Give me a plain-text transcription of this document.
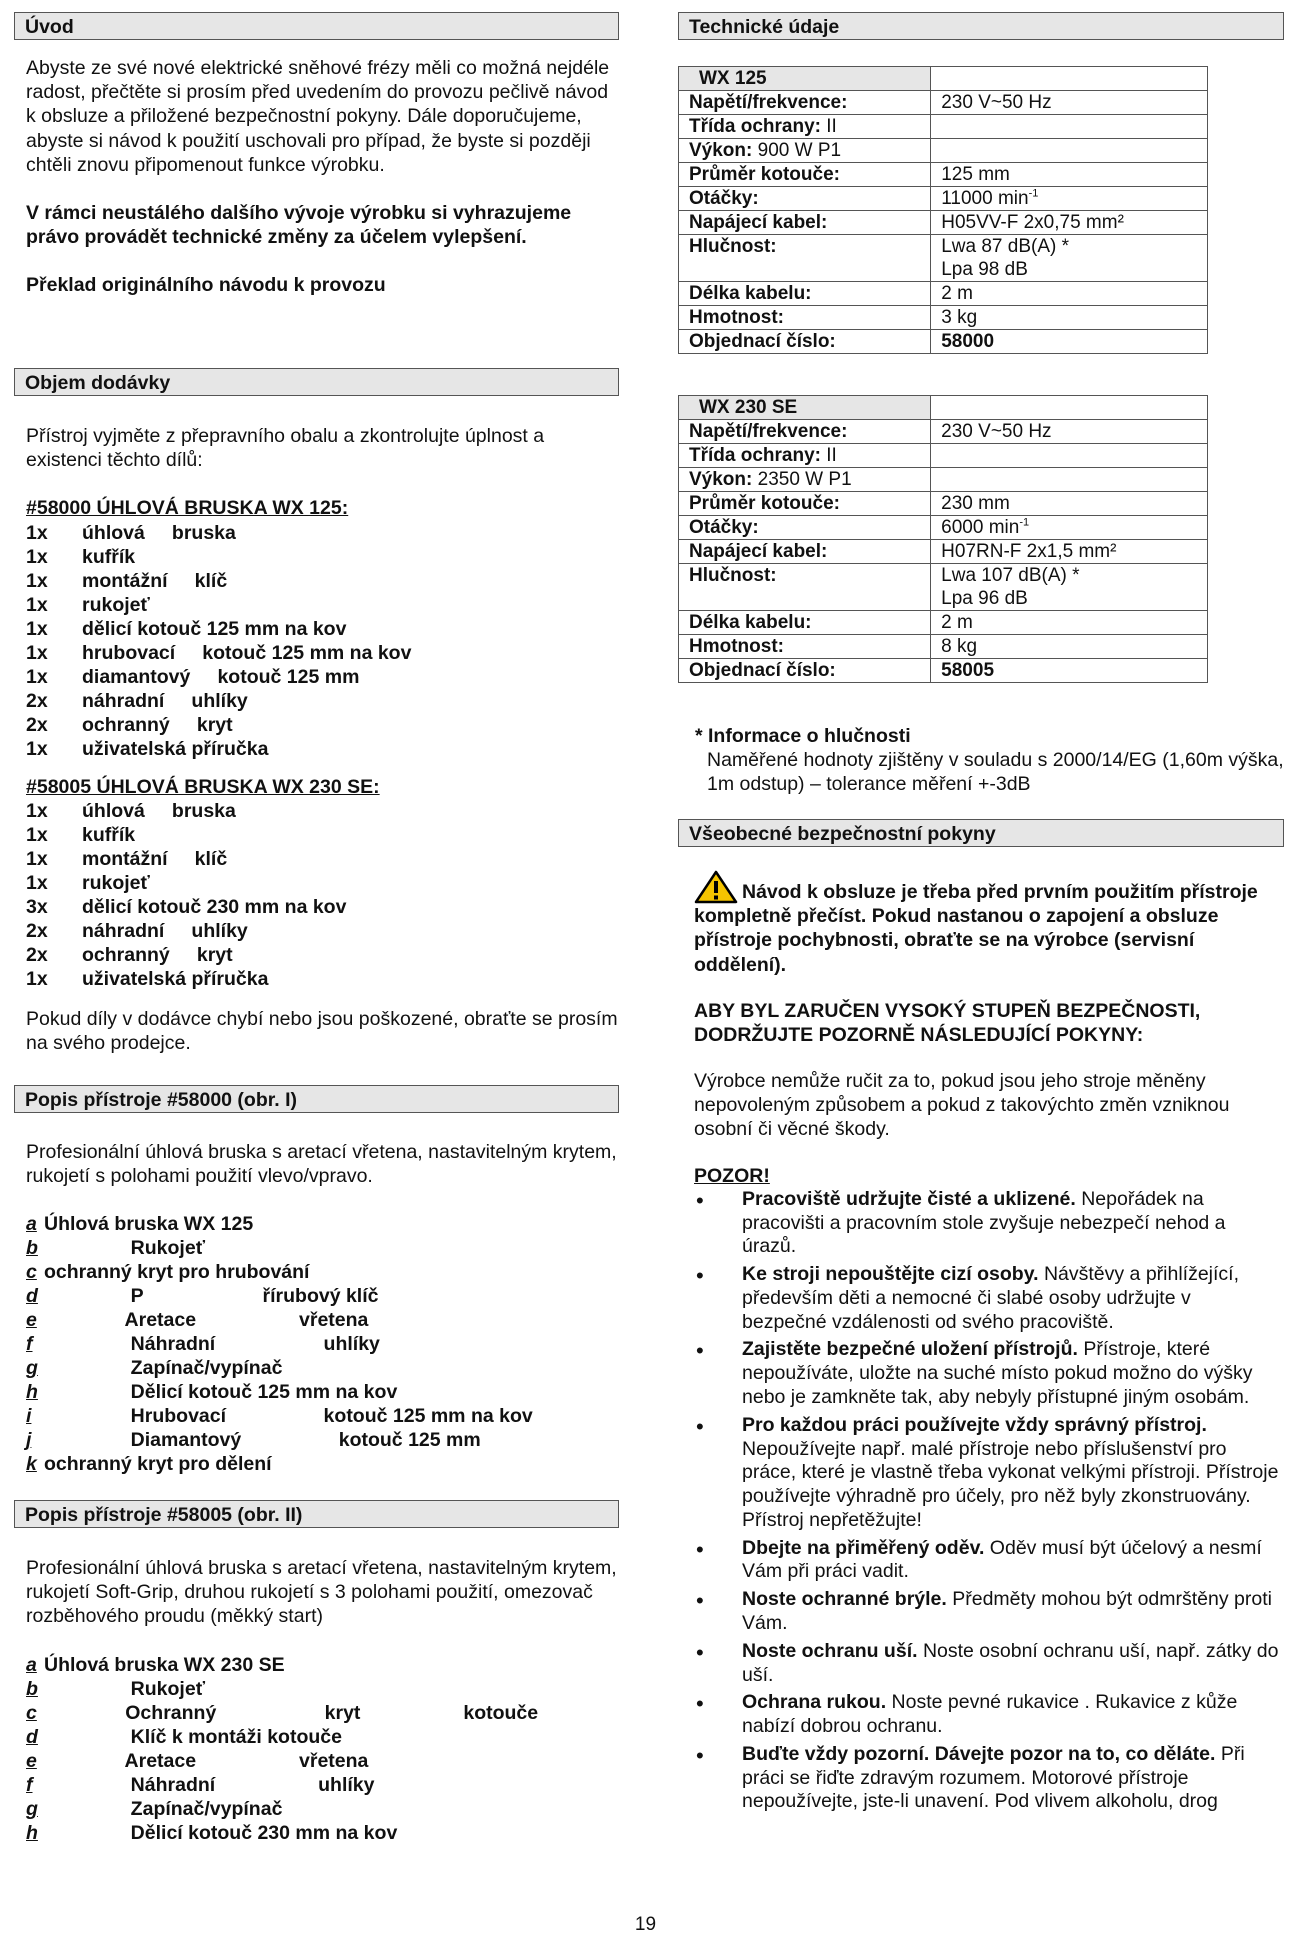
Úvod

Abyste ze své nové elektrické sněhové frézy měli co možná nejdéle radost, přečtěte si prosím před uvedením do provozu pečlivě návod k obsluze a přiložené bezpečnostní pokyny. Dále doporučujeme, abyste si návod k použití uschovali pro případ, že byste si později chtěli znovu připomenout funkce výrobku.

V rámci neustálého dalšího vývoje výrobku si vyhrazujeme právo provádět technické změny za účelem vylepšení.

Překlad originálního návodu k provozu

Objem dodávky

Přístroj vyjměte z přepravního obalu a zkontrolujte úplnost a existenci těchto dílů:

#58000 ÚHLOVÁ BRUSKA WX 125:

1x úhlová     bruska
1x kufřík
1x montážní     klíč
1x rukojeť
1x dělicí kotouč 125 mm na kov
1x hrubovací     kotouč 125 mm na kov
1x diamantový     kotouč 125 mm
2x náhradní     uhlíky
2x ochranný     kryt
1x uživatelská příručka

#58005 ÚHLOVÁ BRUSKA WX 230 SE:

1x úhlová     bruska
1x kufřík
1x montážní     klíč
1x rukojeť
3x dělicí kotouč 230 mm na kov
2x náhradní     uhlíky
2x ochranný     kryt
1x uživatelská příručka

Pokud díly v dodávce chybí nebo jsou poškozené, obraťte se prosím na svého prodejce.

Popis přístroje #58000 (obr. I)

Profesionální úhlová bruska s aretací vřetena, nastavitelným krytem, rukojetí s polohami použití vlevo/vpravo.

a Úhlová bruska WX 125
b                Rukojeť
c ochranný kryt pro hrubování
d                P                      řírubový klíč
e               Aretace                   vřetena
f                Náhradní                    uhlíky
g                Zapínač/vypínač
h                Dělicí kotouč 125 mm na kov
i                Hrubovací                  kotouč 125 mm na kov
j                Diamantový                  kotouč 125 mm
k ochranný kryt pro dělení
Popis přístroje #58005 (obr. II)

Profesionální úhlová bruska s aretací vřetena, nastavitelným krytem, rukojetí Soft-Grip, druhou rukojetí s 3 polohami použití, omezovač rozběhového proudu (měkký start)

a Úhlová bruska WX 230 SE
b                Rukojeť
c               Ochranný                    kryt                   kotouče
d                Klíč k montáži kotouče
e               Aretace                   vřetena
f                Náhradní                   uhlíky
g                Zapínač/vypínač
h                Dělicí kotouč 230 mm na kov
Technické údaje
WX 125	
Napětí/frekvence:	230 V~50 Hz
Třída ochrany: II	
Výkon: 900 W P1	
Průměr kotouče:	125 mm
Otáčky:	11000 $\min^{-1}$
Napájecí kabel:	H05VV-F 2x0,75 mm²
Hlučnost:	Lwa 87 dB(A) *
Lpa 98 dB
Délka kabelu:	2 m
Hmotnost:	3 kg
Objednací číslo:	58000
WX 230 SE	
Napětí/frekvence:	230 V~50 Hz
Třída ochrany: II	
Výkon: 2350 W P1	
Průměr kotouče:	230 mm
Otáčky:	6000 $\min^{-1}$
Napájecí kabel:	H07RN-F 2x1,5 mm²
Hlučnost:	Lwa 107 dB(A) *
Lpa 96 dB
Délka kabelu:	2 m
Hmotnost:	8 kg
Objednací číslo:	58005

* Informace o hlučnosti

Naměřené hodnoty zjištěny v souladu s 2000/14/EG (1,60m výška, 1m odstup) – tolerance měření +-3dB

Všeobecné bezpečnostní pokyny

Návod k obsluze je třeba před prvním použitím přístroje kompletně přečíst. Pokud nastanou o zapojení a obsluze přístroje pochybnosti, obraťte se na výrobce (servisní oddělení).

ABY BYL ZARUČEN VYSOKÝ STUPEŇ BEZPEČNOSTI, DODRŽUJTE POZORNĚ NÁSLEDUJÍCÍ POKYNY:

Výrobce nemůže ručit za to, pokud jsou jeho stroje měněny nepovoleným způsobem a pokud z takovýchto změn vzniknou osobní či věcné škody.

POZOR!

• Pracoviště udržujte čisté a uklizené. Nepořádek na pracovišti a pracovním stole zvyšuje nebezpečí nehod a úrazů.
• Ke stroji nepouštějte cizí osoby. Návštěvy a přihlížející, především děti a nemocné či slabé osoby udržujte v bezpečné vzdálenosti od svého pracoviště.
• Zajistěte bezpečné uložení přístrojů. Přístroje, které nepoužíváte, uložte na suché místo pokud možno do výšky nebo je zamkněte tak, aby nebyly přístupné jiným osobám.
• Pro každou práci používejte vždy správný přístroj. Nepoužívejte např. malé přístroje nebo příslušenství pro práce, které je vlastně třeba vykonat velkými přístroji. Přístroje používejte výhradně pro účely, pro něž byly zkonstruovány. Přístroj nepřetěžujte!
• Dbejte na přiměřený oděv. Oděv musí být účelový a nesmí Vám při práci vadit.
• Noste ochranné brýle. Předměty mohou být odmrštěny proti Vám.
• Noste ochranu uší. Noste osobní ochranu uší, např. zátky do uší.
• Ochrana rukou. Noste pevné rukavice . Rukavice z kůže nabízí dobrou ochranu.
• Buďte vždy pozorní. Dávejte pozor na to, co děláte. Při práci se řiďte zdravým rozumem. Motorové přístroje nepoužívejte, jste-li unavení. Pod vlivem alkoholu, drog
19
